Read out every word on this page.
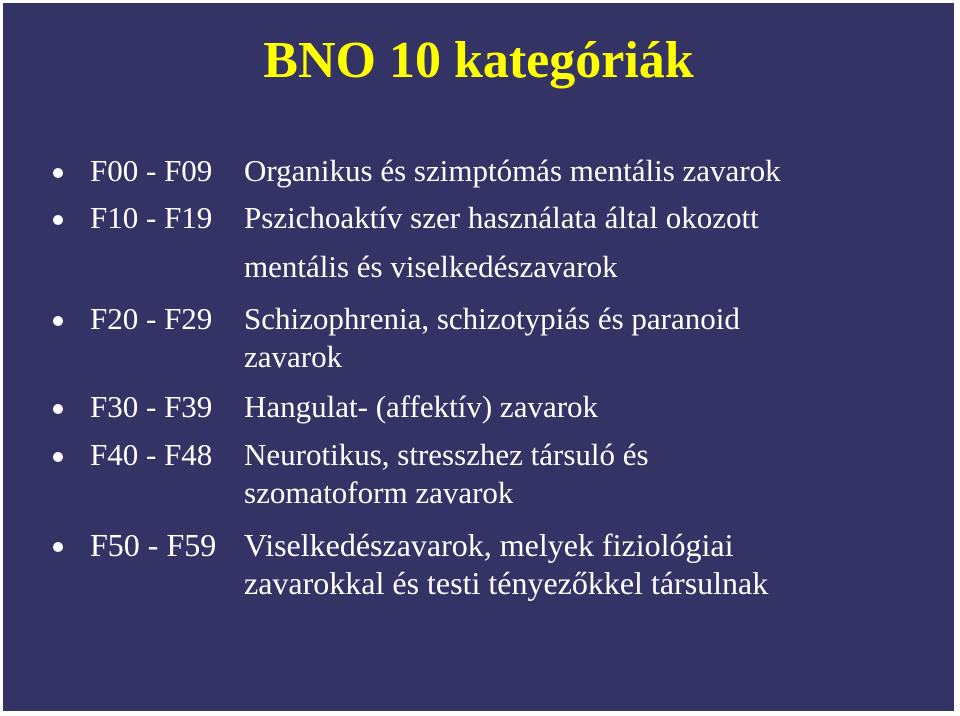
BNO 10 kategóriák
F00 - F09 Organikus és szimptómás mentális zavarok
F10 - F19 Pszichoaktív szer használata által okozott
mentális és viselkedészavarok
F20 - F29 Schizophrenia, schizotypiás és paranoid
zavarok
F30 - F39 Hangulat- (affektív) zavarok
F40 - F48 Neurotikus, stresszhez társuló és
szomatoform zavarok
F50 - F59 Viselkedészavarok, melyek fiziológiai
zavarokkal és testi tényezőkkel társulnak
